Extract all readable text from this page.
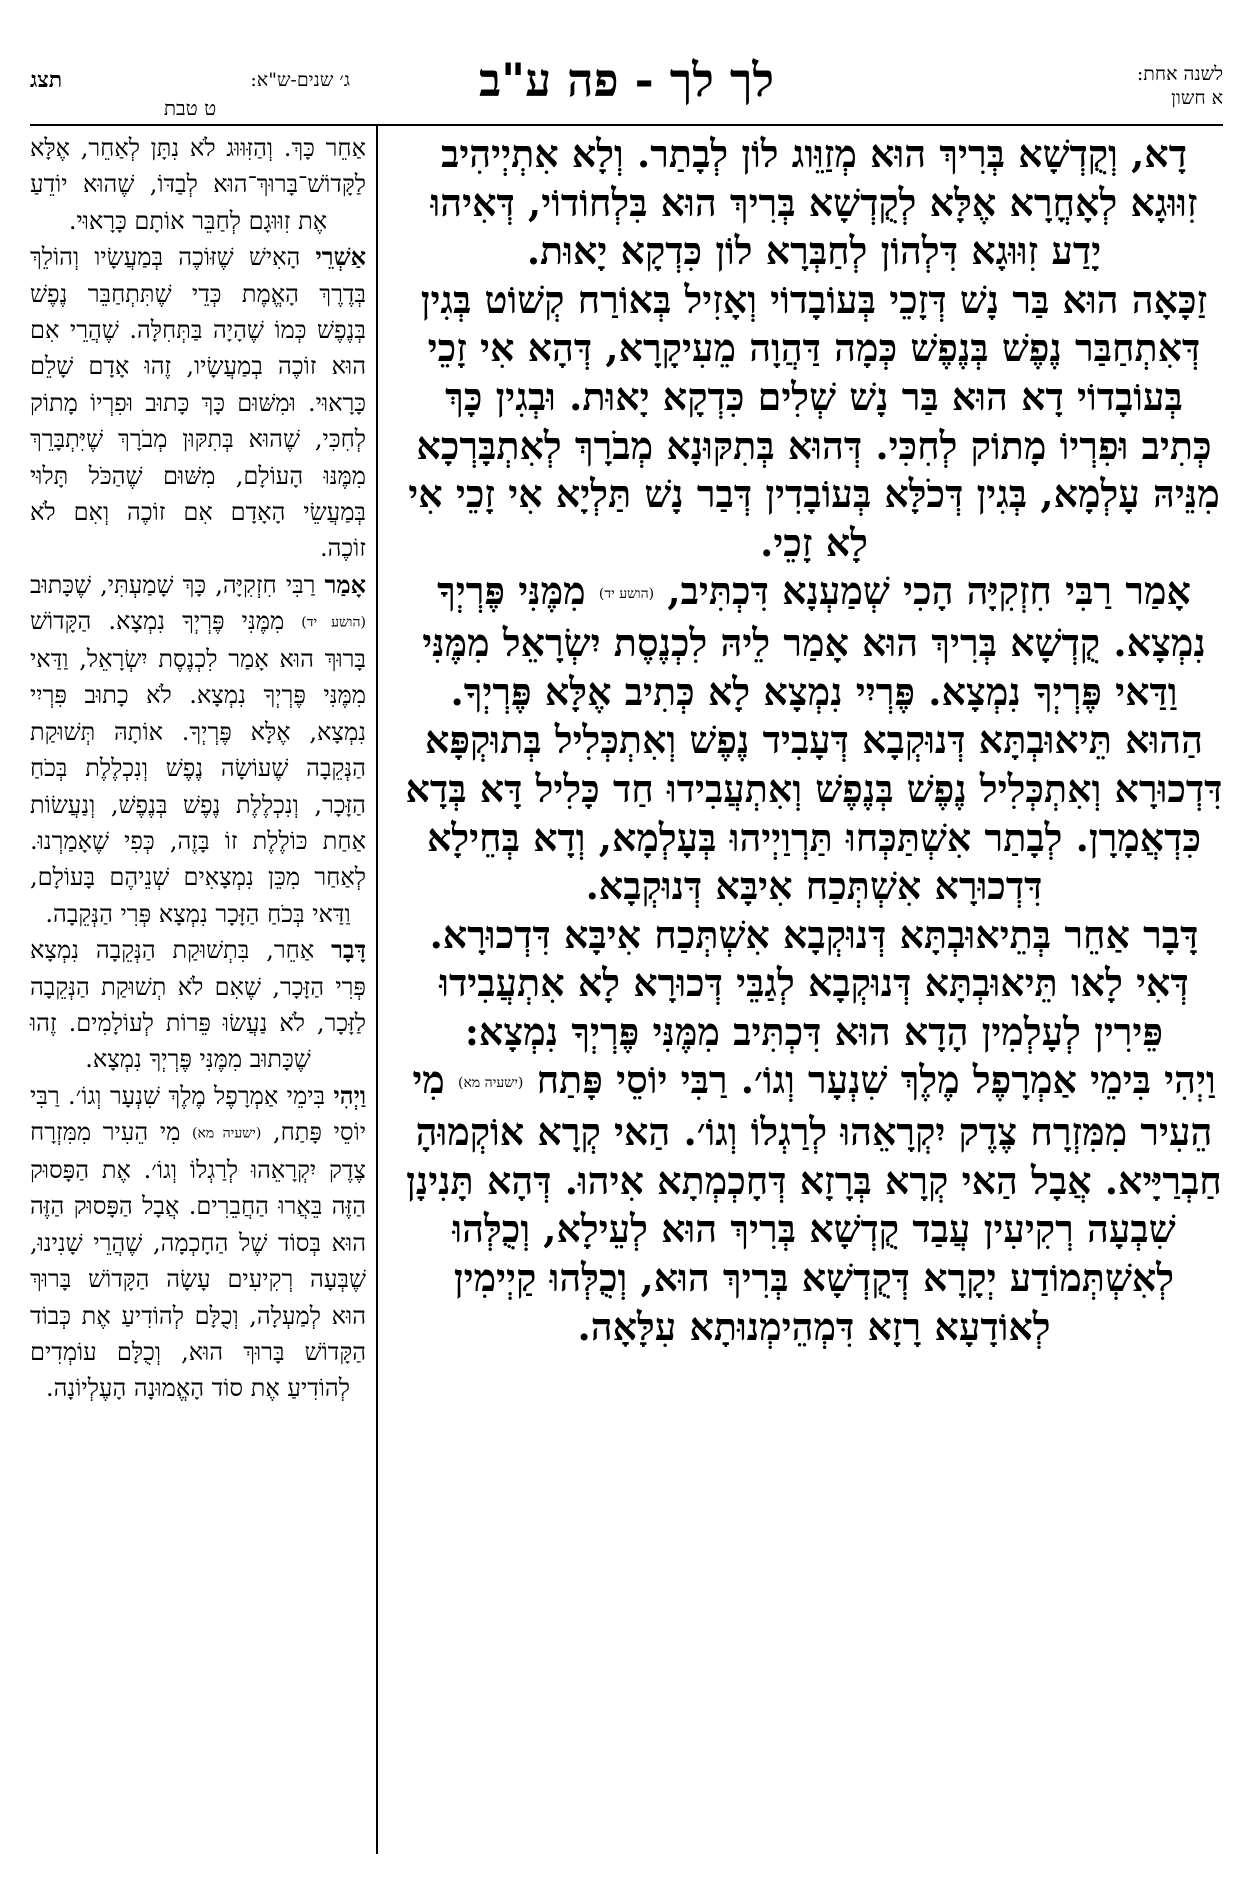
לשנה אחת:
א חשון
לך לך - פה ע"ב
ג׳ שנים-ש"א:
תצג
ט טבת

דָא, וְקֻדְשָׁא בְּרִיךְ הוּא מְזַוֵּוג לוֹן לְבָתַר. וְלָא אִתְיְיהִיב זִוּוּגָא לְאָחֳרָא אֶלָּא לְקֻדְשָׁא בְּרִיךְ הוּא בִּלְחוֹדוֹי, דְּאִיהוּ יָדַע זִוּוּגָא דִּלְהוֹן לְחַבְּרָא לוֹן כִּדְקָא יָאוּת.

זַכָּאָה הוּא בַּר נָשׁ דְּזָכֵי בְּעוֹבָדוֹי וְאָזִיל בְּאוֹרַח קְשׁוֹט בְּגִין דְּאִתְחַבַּר נֶפֶשׁ בְּנֶפֶשׁ כְּמָה דַּהֲוָה מֵעִיקָרָא, דְּהָא אִי זָכֵי בְּעוֹבָדוֹי דָא הוּא בַּר נָשׁ שְׁלִים כִּדְקָא יָאוּת. וּבְגִין כָּךְ כְּתִיב וּפִרְיוֹ מָתוֹק לְחִכִּי. דְּהוּא בְּתִקּוּנָא מְבֹרָךְ לְאִתְבָּרְכָא מִנֵּיהּ עָלְמָא, בְּגִין דְּכֹלָּא בְּעוֹבָדִין דְּבַר נָשׁ תַּלְיָא אִי זָכֵי אִי לָא זָכֵי.

אָמַר רַבִּי חִזְקִיָּה הָכִי שְׁמַעְנָא דִּכְתִּיב, (הושע יד) מִמֶּנִּי פֶּרְיְךָ נִמְצָא. קֻדְשָׁא בְּרִיךְ הוּא אָמַר לֵיהּ לִכְנֶסֶת יִשְׂרָאֵל מִמֶּנִּי וַדַּאי פֶּרְיְךָ נִמְצָא. פֶּרְיִי נִמְצָא לָא כְּתִיב אֶלָּא פֶּרְיְךָ. הַהוּא תֵּיאוּבְתָּא דְּנוּקְבָא דְּעָבִיד נֶפֶשׁ וְאִתְכְּלִיל בְּתוּקְפָּא דִּדְכוּרָא וְאִתְכְּלִיל נֶפֶשׁ בְּנֶפֶשׁ וְאִתְעֲבִידוּ חַד כָּלִיל דָּא בְּדָא כִּדְאֲמָרָן. לְבָתַר אִשְׁתַּכְּחוּ תַּרְוַיְיהוּ בְּעָלְמָא, וְדָא בְּחֵילָא דִּדְכוּרָא אִשְׁתְּכַח אִיבָּא דְּנוּקְבָא.

דָּבָר אַחֵר בְּתֵיאוּבְתָּא דְּנוּקְבָא אִשְׁתְּכַח אִיבָּא דִּדְכוּרָא. דְּאִי לָאו תֵּיאוּבְתָּא דְּנוּקְבָא לְגַבֵּי דְּכוּרָא לָא אִתְעֲבִידוּ פֵּירִין לְעָלְמִין הָדָא הוּא דִּכְתִּיב מִמֶּנִּי פֶּרְיְךָ נִמְצָא:

וַיְהִי בִּימֵי אַמְרָפֶל מֶלֶךְ שִׁנְעָר וְגוֹ׳. רַבִּי יוֹסֵי פָּתַח (ישעיה מא) מִי הֵעִיר מִמִּזְרָח צֶדֶק יִקְרָאֵהוּ לְרַגְלוֹ וְגוֹ׳. הַאי קְרָא אוֹקְמוּהָ חַבְרַיָּיא. אֲבָל הַאי קְרָא בְּרָזָא דְּחָכְמְתָא אִיהוּ. דְּהָא תָּנִינָן שִׁבְעָה רְקִיעִין עֲבַד קֻדְשָׁא בְּרִיךְ הוּא לְעֵילָא, וְכֻלְּהוּ לְאִשְׁתְּמוֹדַע יְקָרָא דְּקֻדְשָׁא בְּרִיךְ הוּא, וְכֻלְּהוּ קַיְימִין לְאוֹדָעָא רָזָא דִּמְהֵימְנוּתָא עִלָּאָה.

אַחֵר כָּךְ. וְהַזִּוּוּג לֹא נִתָּן לְאַחֵר, אֶלָּא לַקָּדוֹשׁ־בָּרוּךְ־הוּא לְבַדּוֹ, שֶׁהוּא יוֹדֵעַ אֶת זִוּוּגָם לְחַבֵּר אוֹתָם כָּרָאוּי.

אַשְׁרֵי הָאִישׁ שֶׁזּוֹכֶה בְּמַעֲשָׂיו וְהוֹלֵךְ בְּדֶרֶךְ הָאֱמֶת כְּדֵי שֶׁתִּתְחַבֵּר נֶפֶשׁ בְּנֶפֶשׁ כְּמוֹ שֶׁהָיָה בַּתְּחִלָּה. שֶׁהֲרֵי אִם הוּא זוֹכֶה בְמַעֲשָׂיו, זֶהוּ אָדָם שָׁלֵם כָּרָאוּי. וּמִשּׁוּם כָּךְ כָּתוּב וּפִרְיוֹ מָתוֹק לְחִכִּי, שֶׁהוּא בְּתִקּוּן מְבֹרָךְ שֶׁיִּתְבָּרֵךְ מִמֶּנּוּ הָעוֹלָם, מִשּׁוּם שֶׁהַכֹּל תָּלוּי בְּמַעֲשֵׂי הָאָדָם אִם זוֹכֶה וְאִם לֹא זוֹכֶה.

אָמַר רַבִּי חִזְקִיָּה, כָּךְ שָׁמַעְתִּי, שֶׁכָּתוּב (הושע יד) מִמֶּנִּי פֶּרְיְךָ נִמְצָא. הַקָּדוֹשׁ בָּרוּךְ הוּא אָמַר לִכְנֶסֶת יִשְׂרָאֵל, וַדַּאי מִמֶּנִּי פֶּרְיְךָ נִמְצָא. לֹא כָתוּב פִּרְיִי נִמְצָא, אֶלָּא פֶּרְיְךָ. אוֹתָהּ תְּשׁוּקַת הַנְּקֵבָה שֶׁעוֹשָׂה נֶפֶשׁ וְנִכְלֶלֶת בְּכֹחַ הַזָּכָר, וְנִכְלֶלֶת נֶפֶשׁ בְּנֶפֶשׁ, וְנַעֲשׂוֹת אַחַת כּוֹלֶלֶת זוֹ בָּזֶה, כְּפִי שֶׁאָמַרְנוּ. לְאַחַר מִכֵּן נִמְצָאִים שְׁנֵיהֶם בָּעוֹלָם, וַדַּאי בְּכֹחַ הַזָּכָר נִמְצָא פְּרִי הַנְּקֵבָה.

דָּבָר אַחֵר, בִּתְשׁוּקַת הַנְּקֵבָה נִמְצָא פְּרִי הַזָּכָר, שֶׁאִם לֹא תְשׁוּקַת הַנְּקֵבָה לַזָּכָר, לֹא נַעֲשׂוּ פֵּרוֹת לְעוֹלָמִים. זֶהוּ שֶׁכָּתוּב מִמֶּנִּי פֶּרְיְךָ נִמְצָא.

וַיְהִי בִּימֵי אַמְרָפֶל מֶלֶךְ שִׁנְעָר וְגוֹ׳. רַבִּי יוֹסֵי פָּתַח, (ישעיה מא) מִי הֵעִיר מִמִּזְרָח צֶדֶק יִקְרָאֵהוּ לְרַגְלוֹ וְגוֹ׳. אֶת הַפָּסוּק הַזֶּה בֵּאֲרוּ הַחֲבֵרִים. אֲבָל הַפָּסוּק הַזֶּה הוּא בְּסוֹד שֶׁל הַחָכְמָה, שֶׁהֲרֵי שָׁנִינוּ, שֶׁבְּעָה רְקִיעִים עָשָׂה הַקָּדוֹשׁ בָּרוּךְ הוּא לְמַעְלָה, וְכֻלָּם לְהוֹדִיעַ אֶת כְּבוֹד הַקָּדוֹשׁ בָּרוּךְ הוּא, וְכֻלָּם עוֹמְדִים לְהוֹדִיעַ אֶת סוֹד הָאֱמוּנָה הָעֶלְיוֹנָה.
